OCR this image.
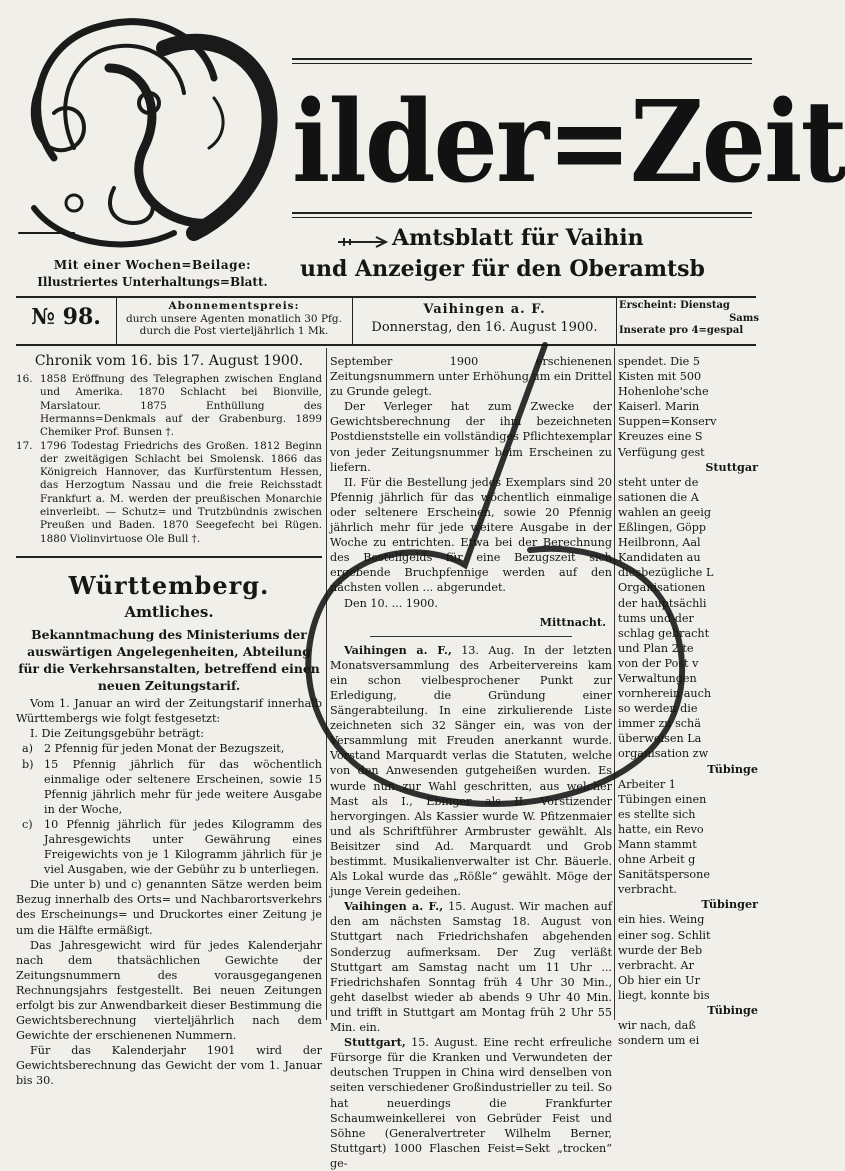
ilder=Zeit
Amtsblatt für Vaihin
und Anzeiger für den Oberamtsb
Mit einer Wochen=Beilage:
Illustriertes Unterhaltungs=Blatt.
№ 98.	Abonnementspreis:
durch unsere Agenten monatlich 30 Pfg.
durch die Post vierteljährlich 1 Mk.
Vaihingen a. F.
Donnerstag, den 16. August 1900.
Erscheint: Dienstag
Sams
Inserate pro 4=gespal
Chronik vom 16. bis 17. August 1900.
16. 1858 Eröffnung des Telegraphen zwischen England und Amerika. 1870 Schlacht bei Bionville, Marslatour. 1875 Enthüllung des Hermanns=Denkmals auf der Grabenburg. 1899 Chemiker Prof. Bunsen †.

17. 1796 Todestag Friedrichs des Großen. 1812 Beginn der zweitägigen Schlacht bei Smolensk. 1866 das Königreich Hannover, das Kurfürstentum Hessen, das Herzogtum Nassau und die freie Reichsstadt Frankfurt a. M. werden der preußischen Monarchie einverleibt. — Schutz= und Trutzbündnis zwischen Preußen und Baden. 1870 Seegefecht bei Rügen. 1880 Violinvirtuose Ole Bull †.

Württemberg.
Amtliches.
Bekanntmachung des Ministeriums der auswärtigen Angelegenheiten, Abteilung für die Verkehrsanstalten, betreffend einen neuen Zeitungstarif.

Vom 1. Januar an wird der Zeitungstarif innerhalb Württembergs wie folgt festgesetzt:

I. Die Zeitungsgebühr beträgt:

a) 2 Pfennig für jeden Monat der Bezugszeit,

b) 15 Pfennig jährlich für das wöchentlich einmalige oder seltenere Erscheinen, sowie 15 Pfennig jährlich mehr für jede weitere Ausgabe in der Woche,

c)	10 Pfennig jährlich für jedes Kilogramm des Jahresgewichts unter Gewährung eines Freigewichts von je 1 Kilogramm jährlich für je viel Ausgaben, wie der Gebühr zu b unterliegen.

Die unter b) und c) genannten Sätze werden beim Bezug innerhalb des Orts= und Nachbarortsverkehrs des Erscheinungs= und Druckortes einer Zeitung je um die Hälfte ermäßigt.

Das Jahresgewicht wird für jedes Kalenderjahr nach dem thatsächlichen Gewichte der Zeitungsnummern des vorausgegangenen Rechnungsjahrs festgestellt. Bei neuen Zeitungen erfolgt bis zur Anwendbarkeit dieser Bestimmung die Gewichtsberechnung vierteljährlich nach dem Gewichte der erschienenen Nummern.

Für das Kalenderjahr 1901 wird der Gewichtsberechnung das Gewicht der vom 1. Januar bis 30.

September 1900 erschienenen Zeitungsnummern unter Erhöhung um ein Drittel zu Grunde gelegt.

Der Verleger hat zum Zwecke der Gewichtsberechnung der ihm bezeichneten Postdienststelle ein vollständiges Pflichtexemplar von jeder Zeitungsnummer beim Erscheinen zu liefern.

II. Für die Bestellung jedes Exemplars sind 20 Pfennig jährlich für das wöchentlich einmalige oder seltenere Erscheinen, sowie 20 Pfennig jährlich mehr für jede weitere Ausgabe in der Woche zu entrichten. Etwa bei der Berechnung des Bestellgelds für eine Bezugszeit sich ergebende Bruchpfennige werden auf den nächsten vollen ... abgerundet.

Den 10. ... 1900.

Mittnacht.

Vaihingen a. F., 13. Aug. In der letzten Monatsversammlung des Arbeitervereins kam ein schon vielbesprochener Punkt zur Erledigung, die Gründung einer Sängerabteilung. In eine zirkulierende Liste zeichneten sich 32 Sänger ein, was von der Versammlung mit Freuden anerkannt wurde. Vorstand Marquardt verlas die Statuten, welche von den Anwesenden gutgeheißen wurden. Es wurde nun zur Wahl geschritten, aus welcher Mast als I., Ebinger als II. Vorstizender hervorgingen. Als Kassier wurde W. Pfitzenmaier und als Schriftführer Armbruster gewählt. Als Beisitzer sind Ad. Marquardt und Grob bestimmt. Musikalienverwalter ist Chr. Bäuerle. Als Lokal wurde das „Rößle“ gewählt. Möge der junge Verein gedeihen.

Vaihingen a. F., 15. August. Wir machen auf den am nächsten Samstag 18. August von Stuttgart nach Friedrichshafen abgehenden Sonderzug aufmerksam. Der Zug verläßt Stuttgart am Samstag nacht um 11 Uhr ... Friedrichshafen Sonntag früh 4 Uhr 30 Min., geht daselbst wieder ab abends 9 Uhr 40 Min. und trifft in Stuttgart am Montag früh 2 Uhr 55 Min. ein.

Stuttgart, 15. August. Eine recht erfreuliche Fürsorge für die Kranken und Verwundeten der deutschen Truppen in China wird denselben von seiten verschiedener Großindustrieller zu teil. So hat neuerdings die Frankfurter Schaumweinkellerei von Gebrüder Feist und Söhne (Generalvertreter Wilhelm Berner, Stuttgart) 1000 Flaschen Feist=Sekt „trocken“ ge-

spendet. Die 5
Kisten mit 500
Hohenlohe'sche
Kaiserl. Marin
Suppen=Konserv
Kreuzes eine S
Verfügung gest
Stuttgar
steht unter de
sationen die A
wahlen an geeig
Eßlingen, Göpp
Heilbronn, Aal
Kandidaten au
diesbezügliche L
Organisationen
der hauptsächli
tums und der
schlag gebracht
und Plan 2 te
von der Post v
Verwaltungen
vornherein auch
so werden die
immer zu schä
überweisen La
organisation zw
Tübinge
Arbeiter 1
Tübingen einen
es stellte sich
hatte, ein Revo
Mann stammt
ohne Arbeit g
Sanitätspersone
verbracht.
Tübinger
ein hies. Weing
einer sog. Schlit
wurde der Beb
verbracht. Ar
Ob hier ein Ur
liegt, konnte bis
Tübinge
wir nach, daß
sondern um ei
